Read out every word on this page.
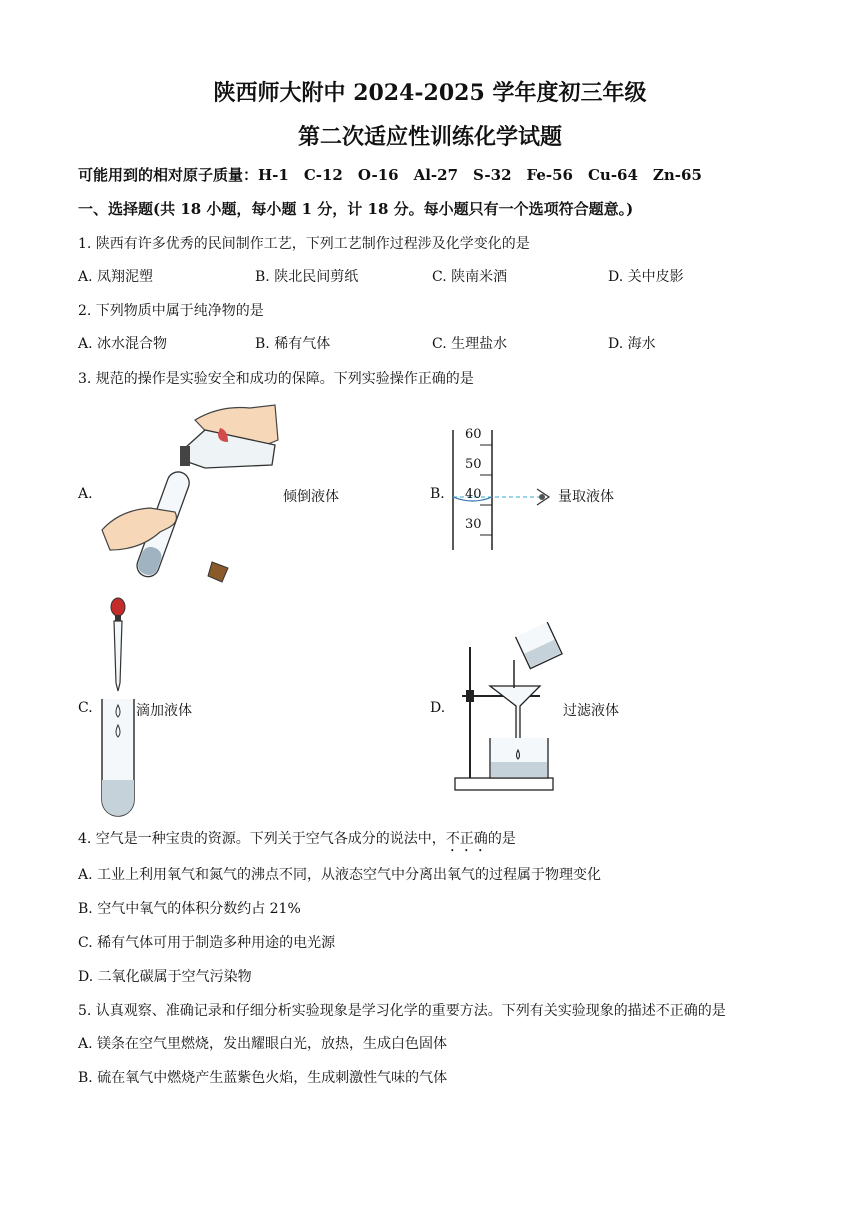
陕西师大附中 2024-2025 学年度初三年级
第二次适应性训练化学试题
可能用到的相对原子质量：H-1　C-12　O-16　Al-27　S-32　Fe-56　Cu-64　Zn-65
一、选择题(共 18 小题，每小题 1 分，计 18 分。每小题只有一个选项符合题意。)
1. 陕西有许多优秀的民间制作工艺，下列工艺制作过程涉及化学变化的是
A. 凤翔泥塑	B. 陕北民间剪纸	C. 陕南米酒	D. 关中皮影
2. 下列物质中属于纯净物的是
A. 冰水混合物	B. 稀有气体	C. 生理盐水	D. 海水
3. 规范的操作是实验安全和成功的保障。下列实验操作正确的是
A.	倾倒液体	B.
60
50
40
30
量取液体
C.	滴加液体	D.	过滤液体
4. 空气是一种宝贵的资源。下列关于空气各成分的说法中，不正确的是
A. 工业上利用氧气和氮气的沸点不同，从液态空气中分离出氧气的过程属于物理变化
B. 空气中氧气的体积分数约占 21%
C. 稀有气体可用于制造多种用途的电光源
D. 二氧化碳属于空气污染物
5. 认真观察、准确记录和仔细分析实验现象是学习化学的重要方法。下列有关实验现象的描述不正确的是
A. 镁条在空气里燃烧，发出耀眼白光，放热，生成白色固体
B. 硫在氧气中燃烧产生蓝紫色火焰，生成刺激性气味的气体
